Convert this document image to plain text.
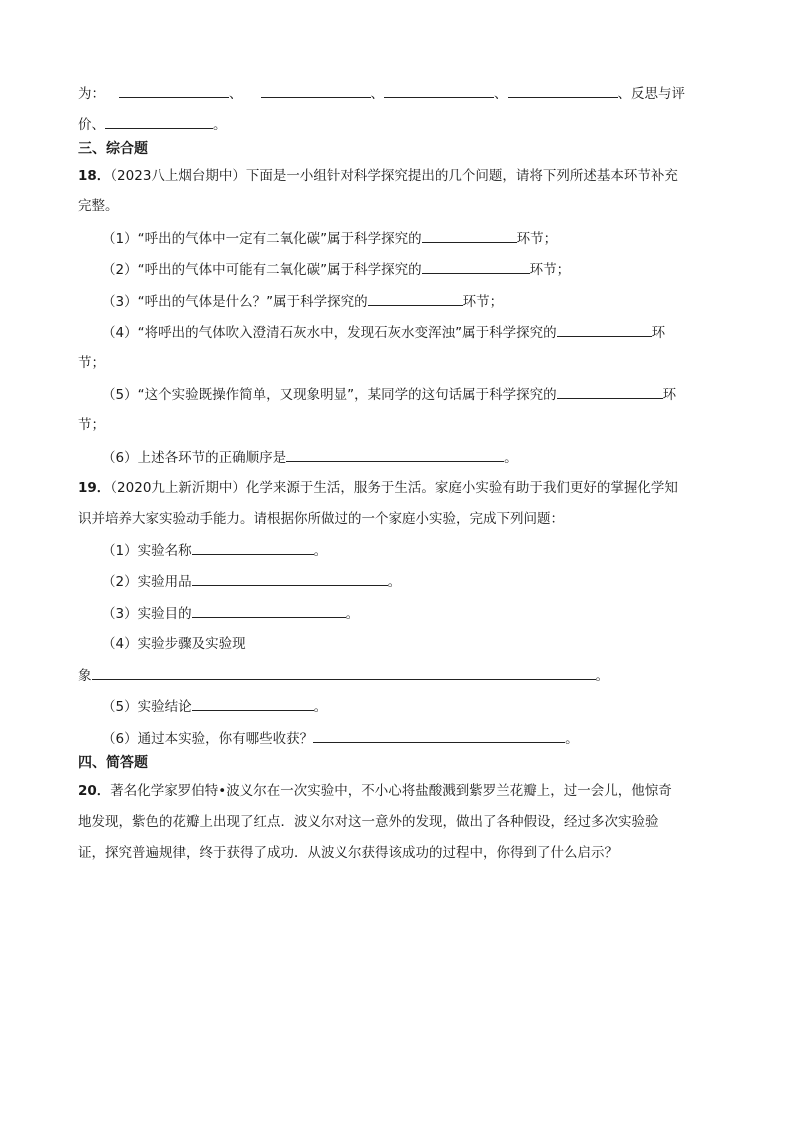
为：	、	、	、	、反思与评
价、	。
三、综合题
18．（2023八上烟台期中）下面是一小组针对科学探究提出的几个问题，请将下列所述基本环节补充
完整。
（1）“呼出的气体中一定有二氧化碳”属于科学探究的	环节；
（2）“呼出的气体中可能有二氧化碳”属于科学探究的	环节；
（3）“呼出的气体是什么？”属于科学探究的	环节；
（4）“将呼出的气体吹入澄清石灰水中，发现石灰水变浑浊”属于科学探究的	环
节；
（5）“这个实验既操作简单，又现象明显”，某同学的这句话属于科学探究的	环
节；
（6）上述各环节的正确顺序是	。
19．（2020九上新沂期中）化学来源于生活，服务于生活。家庭小实验有助于我们更好的掌握化学知
识并培养大家实验动手能力。请根据你所做过的一个家庭小实验，完成下列问题：
（1）实验名称	。
（2）实验用品	。
（3）实验目的	。
（4）实验步骤及实验现
象	。
（5）实验结论	。
（6）通过本实验，你有哪些收获？	。
四、简答题
20．著名化学家罗伯特•波义尔在一次实验中，不小心将盐酸溅到紫罗兰花瓣上，过一会儿，他惊奇
地发现，紫色的花瓣上出现了红点．波义尔对这一意外的发现，做出了各种假设，经过多次实验验
证，探究普遍规律，终于获得了成功．从波义尔获得该成功的过程中，你得到了什么启示？
